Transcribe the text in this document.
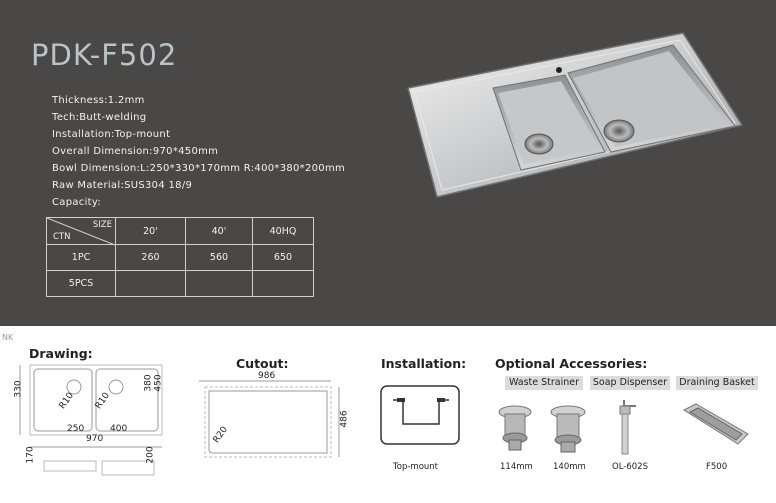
PDK-F502
Thickness:1.2mm
Tech:Butt-welding
Installation:Top-mount
Overall Dimension:970*450mm
Bowl Dimension:L:250*330*170mm R:400*380*200mm
Raw Material:SUS304 18/9
Capacity:
SIZE
CTN	20'	40'	40HQ
1PC	260	560	650
5PCS			
NK
Drawing:
330	380 450
R10 R10
250	400
970
170	200
Cutout:
986
486
R20
Installation:
Top-mount
Optional Accessories:
Waste Strainer	Soap Dispenser	Draining Basket
114mm 140mm	OL-602S	F500
